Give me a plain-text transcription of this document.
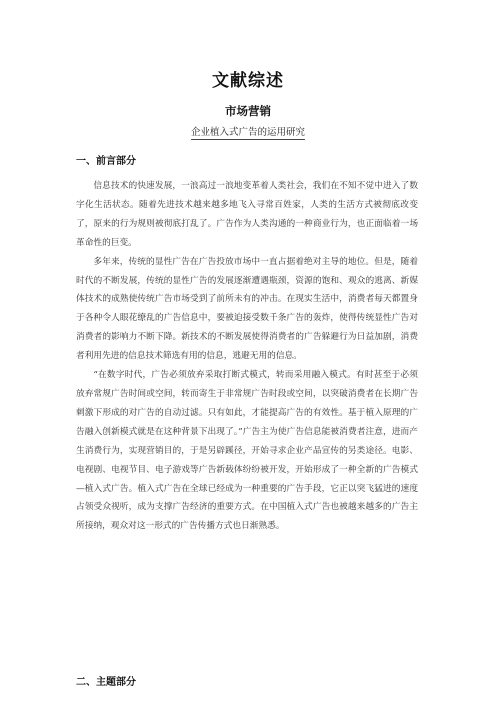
文献综述
市场营销
企业植入式广告的运用研究
一、前言部分

信息技术的快速发展，一浪高过一浪地变革着人类社会，我们在不知不觉中进入了数字化生活状态。随着先进技术越来越多地飞入寻常百姓家，人类的生活方式被彻底改变了，原来的行为规则被彻底打乱了。广告作为人类沟通的一种商业行为，也正面临着一场革命性的巨变。

多年来，传统的显性广告在广告投放市场中一直占据着绝对主导的地位。但是，随着时代的不断发展，传统的显性广告的发展逐渐遭遇瓶颈，资源的饱和、观众的逃离、新媒体技术的成熟使传统广告市场受到了前所未有的冲击。在现实生活中，消费者每天都置身于各种令人眼花缭乱的广告信息中，要被迫接受数千条广告的轰炸，使得传统显性广告对消费者的影响力不断下降。新技术的不断发展使得消费者的广告躲避行为日益加剧，消费者利用先进的信息技术筛选有用的信息，逃避无用的信息。

“在数字时代，广告必须放弃采取打断式模式，转而采用融入模式。有时甚至于必须放弃常规广告时间或空间，转而寄生于非常规广告时段或空间，以突破消费者在长期广告刺激下形成的对广告的自动过滤。只有如此，才能提高广告的有效性。基于植入原理的广告融入创新模式就是在这种背景下出现了。”广告主为使广告信息能被消费者注意，进而产生消费行为，实现营销目的，于是另辟蹊径，开始寻求企业产品宣传的另类途径。电影、电视剧、电视节目、电子游戏等广告新载体纷纷被开发，开始形成了一种全新的广告模式—植入式广告。植入式广告在全球已经成为一种重要的广告手段，它正以突飞猛进的速度占领受众视听，成为支撑广告经济的重要方式。在中国植入式广告也被越来越多的广告主所接纳，观众对这一形式的广告传播方式也日渐熟悉。

二、主题部分
